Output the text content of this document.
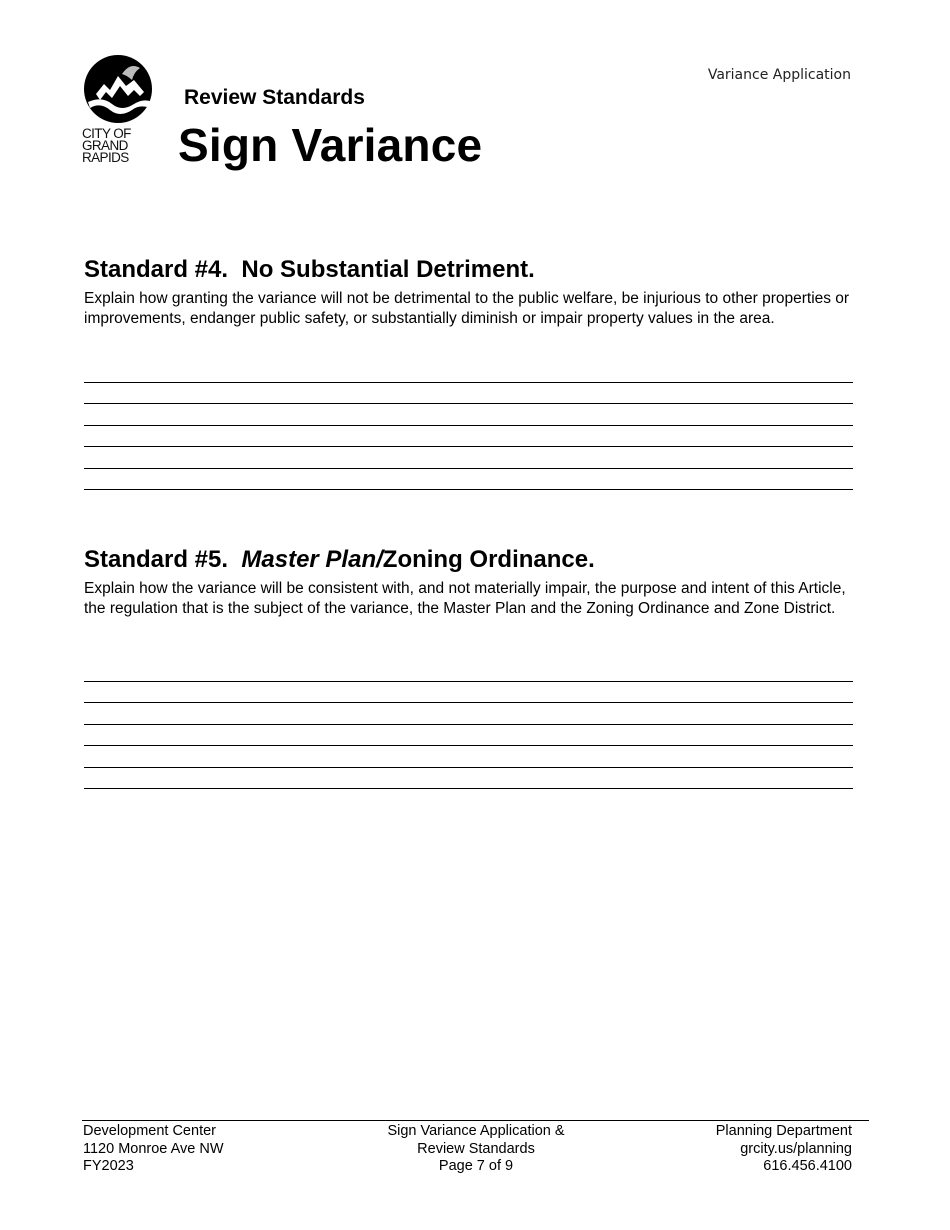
CITY OF
GRAND
RAPIDS
Variance Application
Review Standards
Sign Variance
Standard #4. No Substantial Detriment.
Explain how granting the variance will not be detrimental to the public welfare, be injurious to other properties or improvements, endanger public safety, or substantially diminish or impair property values in the area.
Standard #5. Master Plan/Zoning Ordinance.
Explain how the variance will be consistent with, and not materially impair, the purpose and intent of this Article, the regulation that is the subject of the variance, the Master Plan and the Zoning Ordinance and Zone District.
Development Center
1120 Monroe Ave NW
FY2023
Sign Variance Application &
Review Standards
Page 7 of 9
Planning Department
grcity.us/planning
616.456.4100
